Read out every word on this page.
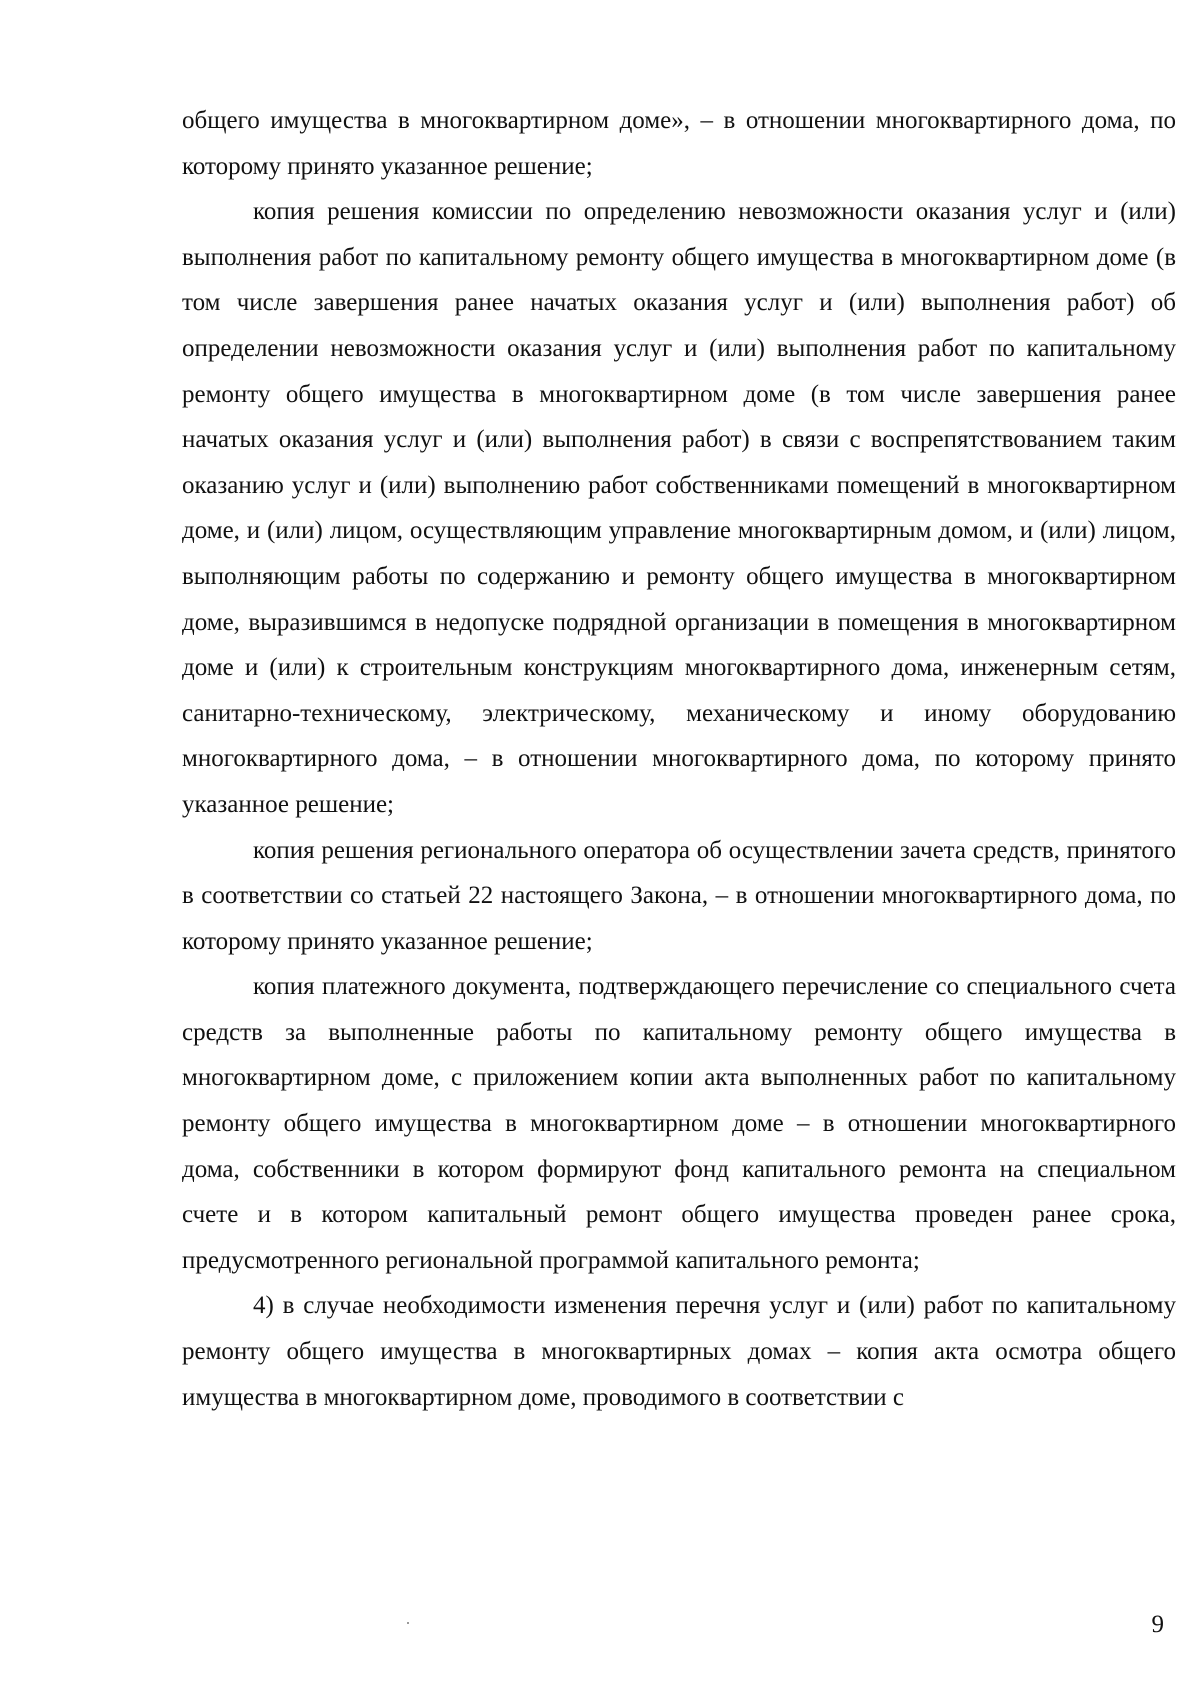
общего имущества в многоквартирном доме», – в отношении многоквартирного дома, по которому принято указанное решение;

копия решения комиссии по определению невозможности оказания услуг и (или) выполнения работ по капитальному ремонту общего имущества в многоквартирном доме (в том числе завершения ранее начатых оказания услуг и (или) выполнения работ) об определении невозможности оказания услуг и (или) выполнения работ по капитальному ремонту общего имущества в многоквартирном доме (в том числе завершения ранее начатых оказания услуг и (или) выполнения работ) в связи с воспрепятствованием таким оказанию услуг и (или) выполнению работ собственниками помещений в многоквартирном доме, и (или) лицом, осуществляющим управление многоквартирным домом, и (или) лицом, выполняющим работы по содержанию и ремонту общего имущества в многоквартирном доме, выразившимся в недопуске подрядной организации в помещения в многоквартирном доме и (или) к строительным конструкциям многоквартирного дома, инженерным сетям, санитарно-техническому, электрическому, механическому и иному оборудованию многоквартирного дома, – в отношении многоквартирного дома, по которому принято указанное решение;

копия решения регионального оператора об осуществлении зачета средств, принятого в соответствии со статьей 22 настоящего Закона, – в отношении многоквартирного дома, по которому принято указанное решение;

копия платежного документа, подтверждающего перечисление со специального счета средств за выполненные работы по капитальному ремонту общего имущества в многоквартирном доме, с приложением копии акта выполненных работ по капитальному ремонту общего имущества в многоквартирном доме – в отношении многоквартирного дома, собственники в котором формируют фонд капитального ремонта на специальном счете и в котором капитальный ремонт общего имущества проведен ранее срока, предусмотренного региональной программой капитального ремонта;

4) в случае необходимости изменения перечня услуг и (или) работ по капитальному ремонту общего имущества в многоквартирных домах – копия акта осмотра общего имущества в многоквартирном доме, проводимого в соответствии с

9
